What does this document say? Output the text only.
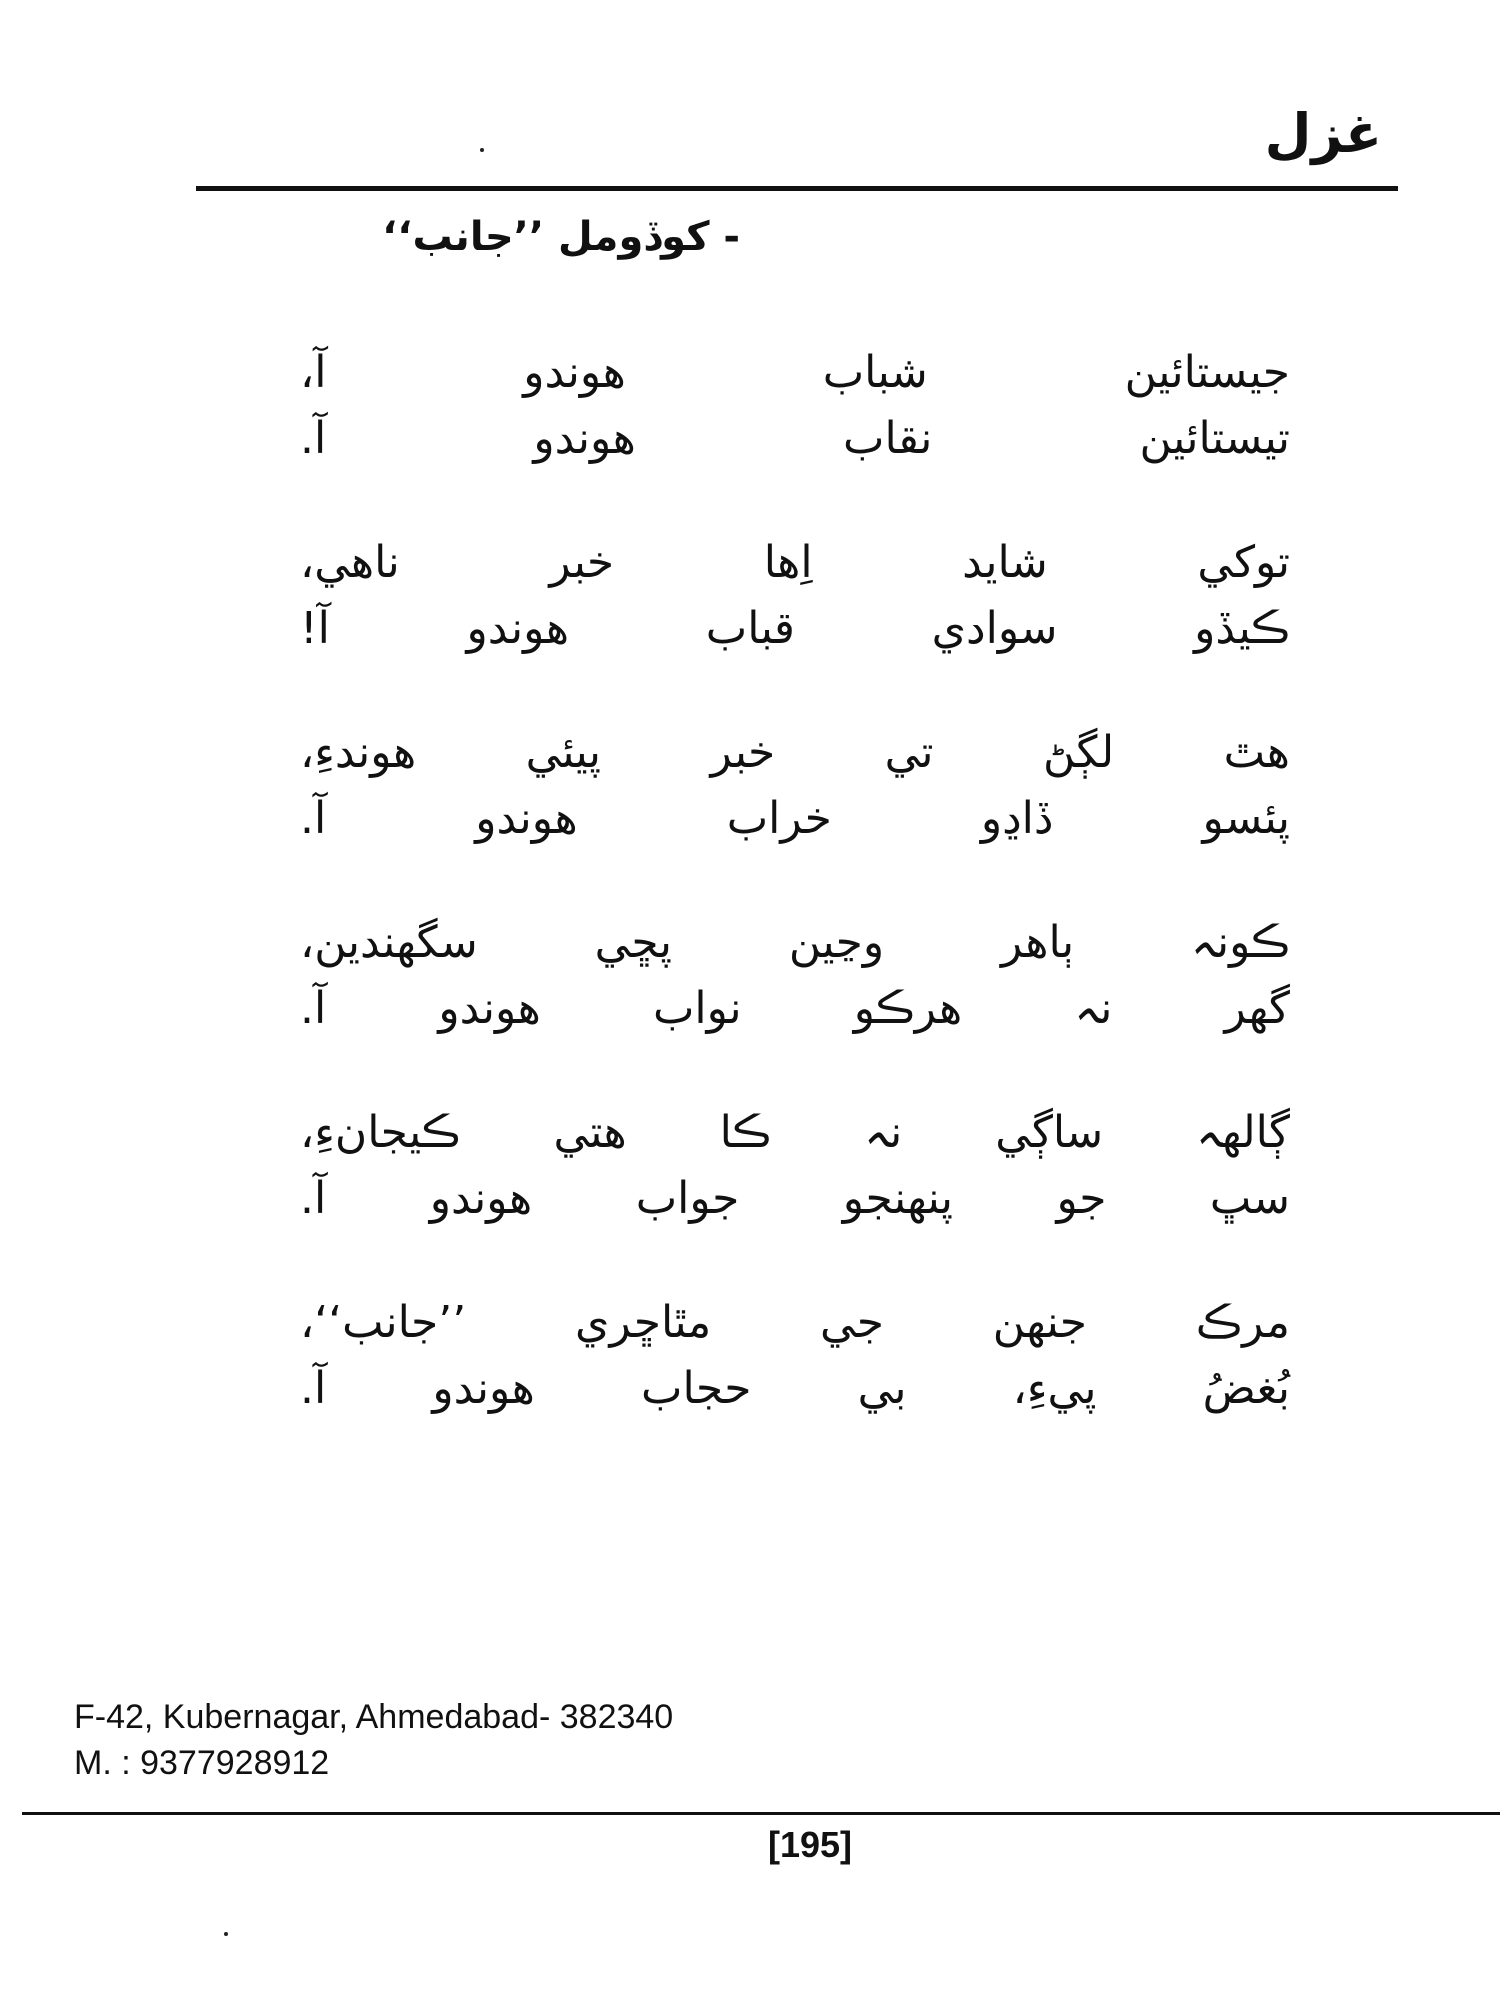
غزل
- کوڏومل ’’جانب‘‘
جيستائين شباب هوندو آ،
تيستائين نقاب هوندو آ.
توکي شايد اِها خبر ناهي،
ڪيڏو سوادي قباب هوندو آ!
هٿ لڳڻ تي خبر پيئي هوندءِ،
پئسو ڏاڍو خراب هوندو آ.
ڪونہ ٻاهر وڃين پڇي سگهندين،
گهر نہ هرڪو نواب هوندو آ.
ڳالهہ ساڳي نہ ڪا هتي ڪيجانءِ،
سڀ جو پنهنجو جواب هوندو آ.
مرڪ جنهن جي مٿاڇري ’’جانب‘‘،
بُغضُ پيءِ، بي حجاب هوندو آ.
F-42, Kubernagar, Ahmedabad- 382340
M. : 9377928912
[195]
